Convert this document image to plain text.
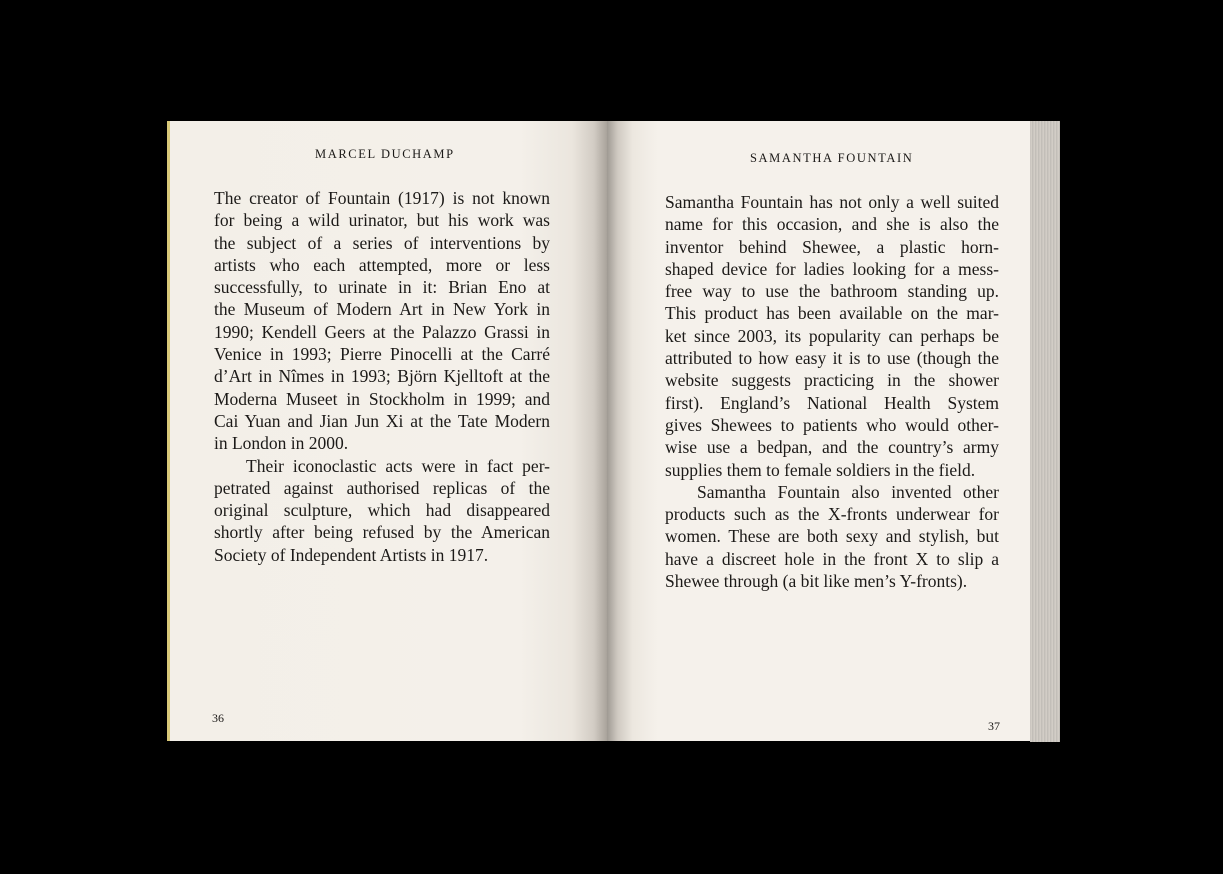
MARCEL DUCHAMP
The creator of Fountain (1917) is not known
for being a wild urinator, but his work was
the subject of a series of interventions by
artists who each attempted, more or less
successfully, to urinate in it: Brian Eno at
the Museum of Modern Art in New York in
1990; Kendell Geers at the Palazzo Grassi in
Venice in 1993; Pierre Pinocelli at the Carré
d’Art in Nîmes in 1993; Björn Kjelltoft at the
Moderna Museet in Stockholm in 1999; and
Cai Yuan and Jian Jun Xi at the Tate Modern
in London in 2000.
Their iconoclastic acts were in fact per-
petrated against authorised replicas of the
original sculpture, which had disappeared
shortly after being refused by the American
Society of Independent Artists in 1917.
36
SAMANTHA FOUNTAIN
Samantha Fountain has not only a well suited
name for this occasion, and she is also the
inventor behind Shewee, a plastic horn-
shaped device for ladies looking for a mess-
free way to use the bathroom standing up.
This product has been available on the mar-
ket since 2003, its popularity can perhaps be
attributed to how easy it is to use (though the
website suggests practicing in the shower
first). England’s National Health System
gives Shewees to patients who would other-
wise use a bedpan, and the country’s army
supplies them to female soldiers in the field.
Samantha Fountain also invented other
products such as the X-fronts underwear for
women. These are both sexy and stylish, but
have a discreet hole in the front X to slip a
Shewee through (a bit like men’s Y-fronts).
37
